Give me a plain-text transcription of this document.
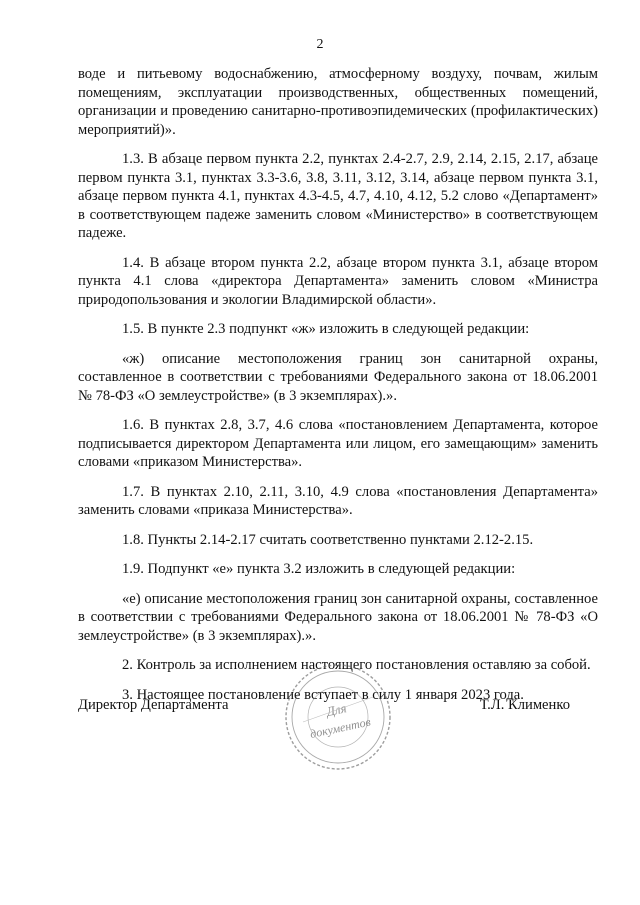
2

воде и питьевому водоснабжению, атмосферному воздуху, почвам, жилым помещениям, эксплуатации производственных, общественных помещений, организации и проведению санитарно-противоэпидемических (профилактических) мероприятий)».

1.3. В абзаце первом пункта 2.2, пунктах 2.4-2.7, 2.9, 2.14, 2.15, 2.17, абзаце первом пункта 3.1, пунктах 3.3-3.6, 3.8, 3.11, 3.12, 3.14, абзаце первом пункта 3.1, абзаце первом пункта 4.1, пунктах 4.3-4.5, 4.7, 4.10, 4.12, 5.2 слово «Департамент» в соответствующем падеже заменить словом «Министерство» в соответствующем падеже.

1.4. В абзаце втором пункта 2.2, абзаце втором пункта 3.1, абзаце втором пункта 4.1 слова «директора Департамента» заменить словом «Министра природопользования и экологии Владимирской области».

1.5. В пункте 2.3 подпункт «ж» изложить в следующей редакции:

«ж) описание местоположения границ зон санитарной охраны, составленное в соответствии с требованиями Федерального закона от 18.06.2001 № 78-ФЗ «О землеустройстве» (в 3 экземплярах).».

1.6. В пунктах 2.8, 3.7, 4.6 слова «постановлением Департамента, которое подписывается директором Департамента или лицом, его замещающим» заменить словами «приказом Министерства».

1.7. В пунктах 2.10, 2.11, 3.10, 4.9 слова «постановления Департамента» заменить словами «приказа Министерства».

1.8. Пункты 2.14-2.17 считать соответственно пунктами 2.12-2.15.

1.9. Подпункт «е» пункта 3.2 изложить в следующей редакции:

«е) описание местоположения границ зон санитарной охраны, составленное в соответствии с требованиями Федерального закона от 18.06.2001 № 78-ФЗ «О землеустройстве» (в 3 экземплярах).».

2. Контроль за исполнением настоящего постановления оставляю за собой.

3. Настоящее постановление вступает в силу 1 января 2023 года.

Директор Департамента	Для
документов
Т.Л. Клименко
